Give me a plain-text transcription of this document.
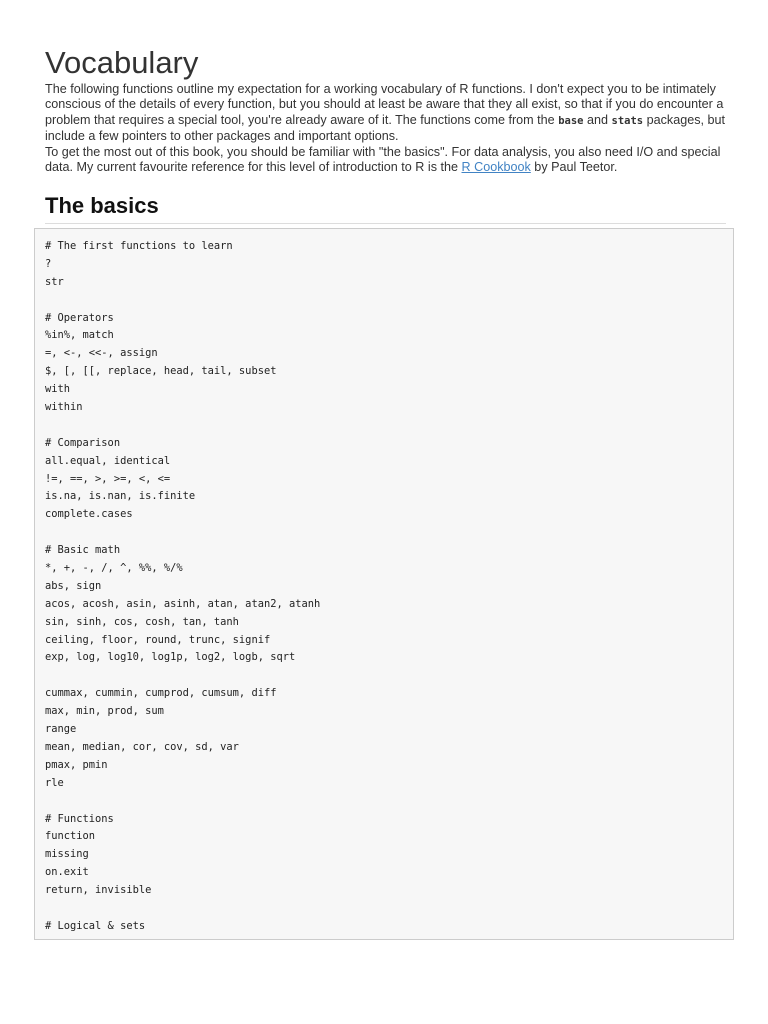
Vocabulary

The following functions outline my expectation for a working vocabulary of R functions. I don't expect you to be intimately conscious of the details of every function, but you should at least be aware that they all exist, so that if you do encounter a problem that requires a special tool, you're already aware of it. The functions come from the base and stats packages, but include a few pointers to other packages and important options.
To get the most out of this book, you should be familiar with "the basics". For data analysis, you also need I/O and special data. My current favourite reference for this level of introduction to R is the R Cookbook by Paul Teetor.

The basics
# The first functions to learn
?
str
# Operators
%in%, match
=, <-, <<-, assign
$, [, [[, replace, head, tail, subset
with
within
# Comparison
all.equal, identical
!=, ==, >, >=, <, <=
is.na, is.nan, is.finite
complete.cases
# Basic math
*, +, -, /, ^, %%, %/%
abs, sign
acos, acosh, asin, asinh, atan, atan2, atanh
sin, sinh, cos, cosh, tan, tanh
ceiling, floor, round, trunc, signif
exp, log, log10, log1p, log2, logb, sqrt
cummax, cummin, cumprod, cumsum, diff
max, min, prod, sum
range
mean, median, cor, cov, sd, var
pmax, pmin
rle
# Functions
function
missing
on.exit
return, invisible
# Logical & sets
